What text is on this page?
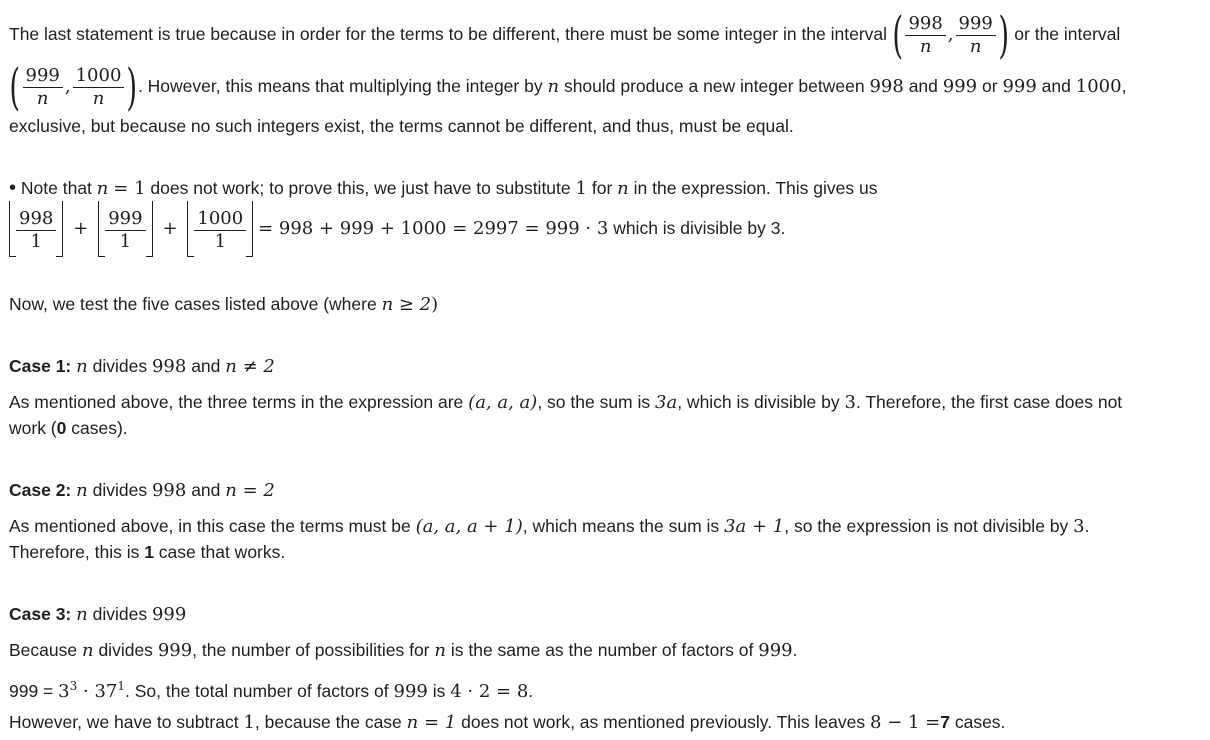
The last statement is true because in order for the terms to be different, there must be some integer in the interval ( $\frac{998}{n}$ , $\frac{999}{n}$ ) or the interval
( $\frac{999}{n}$ , $\frac{1000}{n}$ ). However, this means that multiplying the integer by n should produce a new integer between 998 and 999 or 999 and 1000,
exclusive, but because no such integers exist, the terms cannot be different, and thus, must be equal.
• Note that n = 1 does not work; to prove this, we just have to substitute 1 for n in the expression. This gives us
$\frac{998}{1} + \frac{999}{1} + \frac{1000}{1} = 998 + 999 + 1000 = 2997 = 999 \cdot 3$ which is divisible by 3.
Now, we test the five cases listed above (where n ≥ 2)
Case 1: n divides 998 and n ≠ 2
As mentioned above, the three terms in the expression are (a, a, a), so the sum is 3a, which is divisible by 3. Therefore, the first case does not
work (0 cases).
Case 2: n divides 998 and n = 2
As mentioned above, in this case the terms must be (a, a, a + 1), which means the sum is 3a + 1, so the expression is not divisible by 3.
Therefore, this is 1 case that works.
Case 3: n divides 999
Because n divides 999, the number of possibilities for n is the same as the number of factors of 999.
$999 = 3^3 \cdot 37^1$. So, the total number of factors of 999 is 4 · 2 = 8.
However, we have to subtract 1, because the case n = 1 does not work, as mentioned previously. This leaves 8 − 1 =7 cases.
